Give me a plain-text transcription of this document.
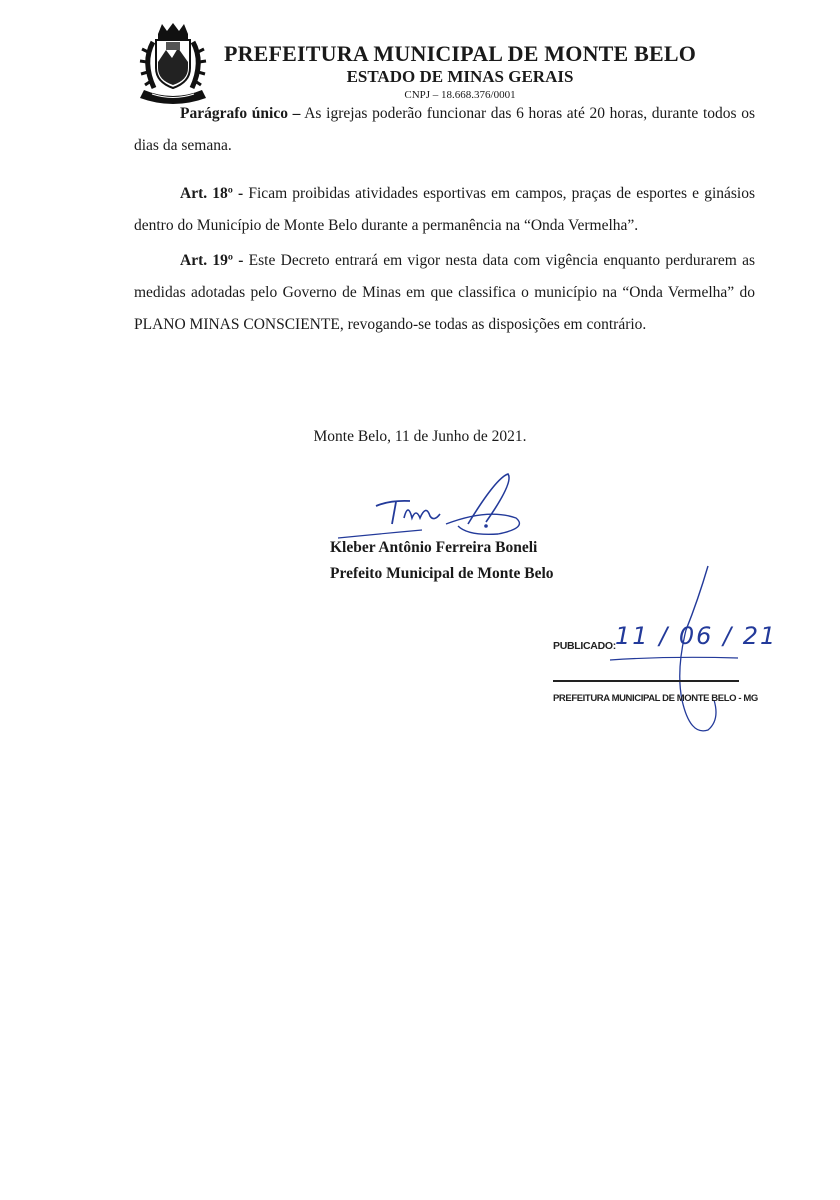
PREFEITURA MUNICIPAL DE MONTE BELO
ESTADO DE MINAS GERAIS
CNPJ – 18.668.376/0001

Parágrafo único – As igrejas poderão funcionar das 6 horas até 20 horas, durante todos os dias da semana.

Art. 18º - Ficam proibidas atividades esportivas em campos, praças de esportes e ginásios dentro do Município de Monte Belo durante a permanência na “Onda Vermelha”.

Art. 19º - Este Decreto entrará em vigor nesta data com vigência enquanto perdurarem as medidas adotadas pelo Governo de Minas em que classifica o município na “Onda Vermelha” do PLANO MINAS CONSCIENTE, revogando-se todas as disposições em contrário.

Monte Belo, 11 de Junho de 2021.
Kleber Antônio Ferreira Boneli
Prefeito Municipal de Monte Belo
PUBLICADO: 11 / 06 / 21
PREFEITURA MUNICIPAL DE MONTE BELO - MG
